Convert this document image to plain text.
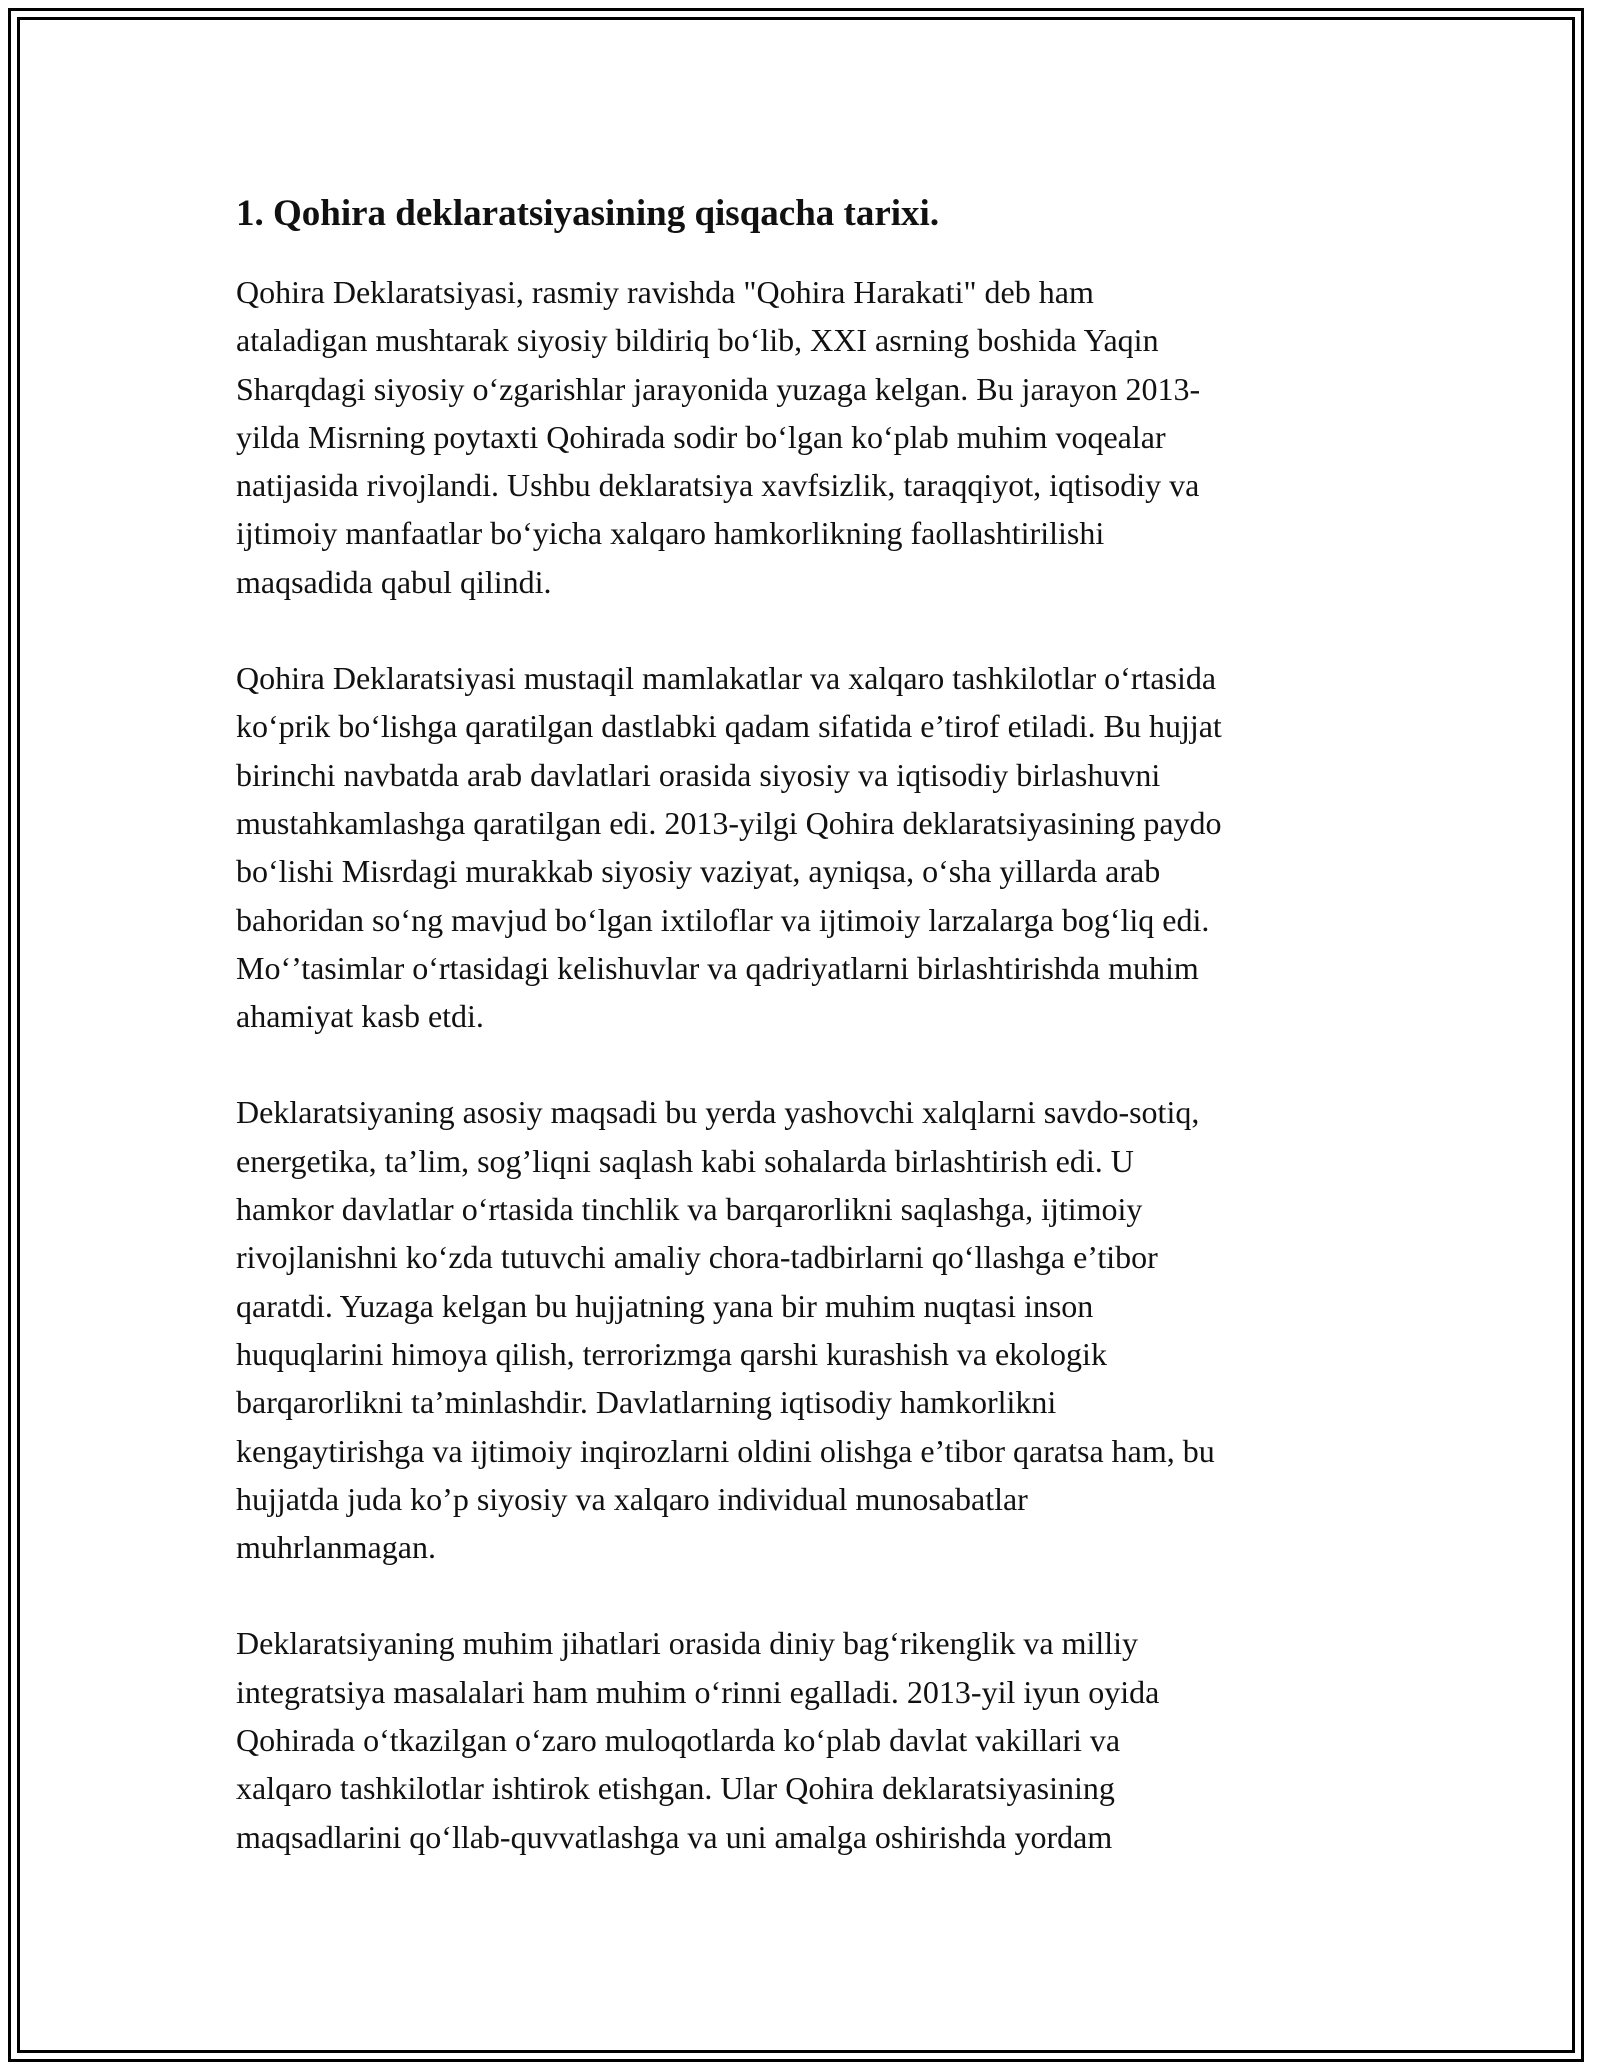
1. Qohira deklaratsiyasining qisqacha tarixi.

Qohira Deklaratsiyasi, rasmiy ravishda "Qohira Harakati" deb ham
ataladigan mushtarak siyosiy bildiriq bo‘lib, XXI asrning boshida Yaqin
Sharqdagi siyosiy o‘zgarishlar jarayonida yuzaga kelgan. Bu jarayon 2013-
yilda Misrning poytaxti Qohirada sodir bo‘lgan ko‘plab muhim voqealar
natijasida rivojlandi. Ushbu deklaratsiya xavfsizlik, taraqqiyot, iqtisodiy va
ijtimoiy manfaatlar bo‘yicha xalqaro hamkorlikning faollashtirilishi
maqsadida qabul qilindi.

Qohira Deklaratsiyasi mustaqil mamlakatlar va xalqaro tashkilotlar o‘rtasida
ko‘prik bo‘lishga qaratilgan dastlabki qadam sifatida e’tirof etiladi. Bu hujjat
birinchi navbatda arab davlatlari orasida siyosiy va iqtisodiy birlashuvni
mustahkamlashga qaratilgan edi. 2013-yilgi Qohira deklaratsiyasining paydo
bo‘lishi Misrdagi murakkab siyosiy vaziyat, ayniqsa, o‘sha yillarda arab
bahoridan so‘ng mavjud bo‘lgan ixtiloflar va ijtimoiy larzalarga bog‘liq edi.
Mo‘’tasimlar o‘rtasidagi kelishuvlar va qadriyatlarni birlashtirishda muhim
ahamiyat kasb etdi.

Deklaratsiyaning asosiy maqsadi bu yerda yashovchi xalqlarni savdo-sotiq,
energetika, ta’lim, sog’liqni saqlash kabi sohalarda birlashtirish edi. U
hamkor davlatlar o‘rtasida tinchlik va barqarorlikni saqlashga, ijtimoiy
rivojlanishni ko‘zda tutuvchi amaliy chora-tadbirlarni qo‘llashga e’tibor
qaratdi. Yuzaga kelgan bu hujjatning yana bir muhim nuqtasi inson
huquqlarini himoya qilish, terrorizmga qarshi kurashish va ekologik
barqarorlikni ta’minlashdir. Davlatlarning iqtisodiy hamkorlikni
kengaytirishga va ijtimoiy inqirozlarni oldini olishga e’tibor qaratsa ham, bu
hujjatda juda ko’p siyosiy va xalqaro individual munosabatlar
muhrlanmagan.

Deklaratsiyaning muhim jihatlari orasida diniy bag‘rikenglik va milliy
integratsiya masalalari ham muhim o‘rinni egalladi. 2013-yil iyun oyida
Qohirada o‘tkazilgan o‘zaro muloqotlarda ko‘plab davlat vakillari va
xalqaro tashkilotlar ishtirok etishgan. Ular Qohira deklaratsiyasining
maqsadlarini qo‘llab-quvvatlashga va uni amalga oshirishda yordam
